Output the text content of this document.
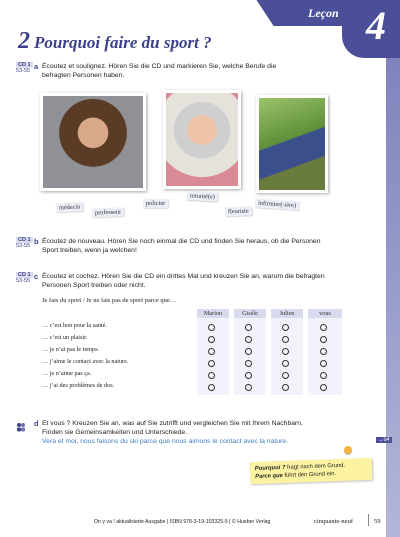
Leçon 4
2 Pourquoi faire du sport ?
CD 1
53-55 a Écoutez et soulignez. Hören Sie die CD und markieren Sie, welche Berufe die
befragten Personen haben.
médecin
professeur
policier
retraité(e)
fleuriste
infirmier(-ière)
CD 1
53-55 b Écoutez de nouveau. Hören Sie noch einmal die CD und finden Sie heraus, ob die Personen
Sport treiben, wenn ja welchen!
CD 1
53-55 c Écoutez et cochez. Hören Sie die CD ein drittes Mal und kreuzen Sie an, warum die befragten
Personen Sport treiben oder nicht.
Je fais du sport / Je ne fais pas de sport parce que…
Marion	Gisèle	Julien	vous
… c’est bon pour la santé.
… c’est un plaisir.
… je n’ai pas le temps.
… j’aime le contact avec la nature.
… je n’aime pas ça.
… j’ai des problèmes de dos.
d Et vous ? Kreuzen Sie an, was auf Sie zutrifft und vergleichen Sie mit Ihrem Nachbarn.
Finden sie Gemeinsamkeiten und Unterschiede.
Vera et moi, nous faisons du ski parce que nous aimons le contact avec la nature.	→ü4
Pourquoi ? fragt nach dem Grund.
Parce que führt den Grund ein.
On y va ! aktualisierte Ausgabe | ISBN 978-3-19-103325-5 | © Hueber Verlag	cinquante-neuf	59
